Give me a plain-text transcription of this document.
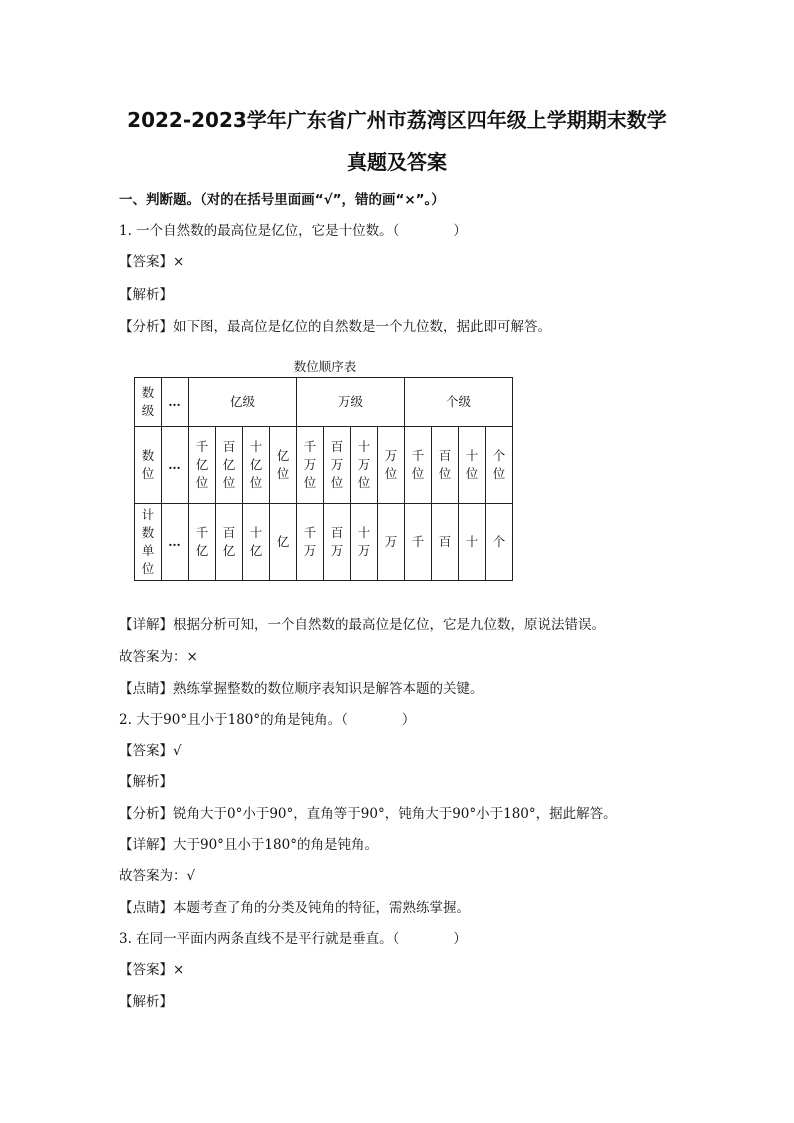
2022-2023学年广东省广州市荔湾区四年级上学期期末数学
真题及答案
一、判断题。（对的在括号里面画“√”，错的画“×”。）
1. 一个自然数的最高位是亿位，它是十位数。（　　　　）
【答案】×
【解析】
【分析】如下图，最高位是亿位的自然数是一个九位数，据此即可解答。
数位顺序表
数级	…	亿级				万级				个级			
数位	…	千亿位	百亿位	十亿位	亿位	千万位	百万位	十万位	万位	千位	百位	十位	个位
计数单位	…	千亿	百亿	十亿	亿	千万	百万	十万	万	千	百	十	个
【详解】根据分析可知，一个自然数的最高位是亿位，它是九位数，原说法错误。
故答案为：×
【点睛】熟练掌握整数的数位顺序表知识是解答本题的关键。
2. 大于90°且小于180°的角是钝角。（　　　　）
【答案】√
【解析】
【分析】锐角大于0°小于90°，直角等于90°，钝角大于90°小于180°，据此解答。
【详解】大于90°且小于180°的角是钝角。
故答案为：√
【点睛】本题考查了角的分类及钝角的特征，需熟练掌握。
3. 在同一平面内两条直线不是平行就是垂直。（　　　　）
【答案】×
【解析】
